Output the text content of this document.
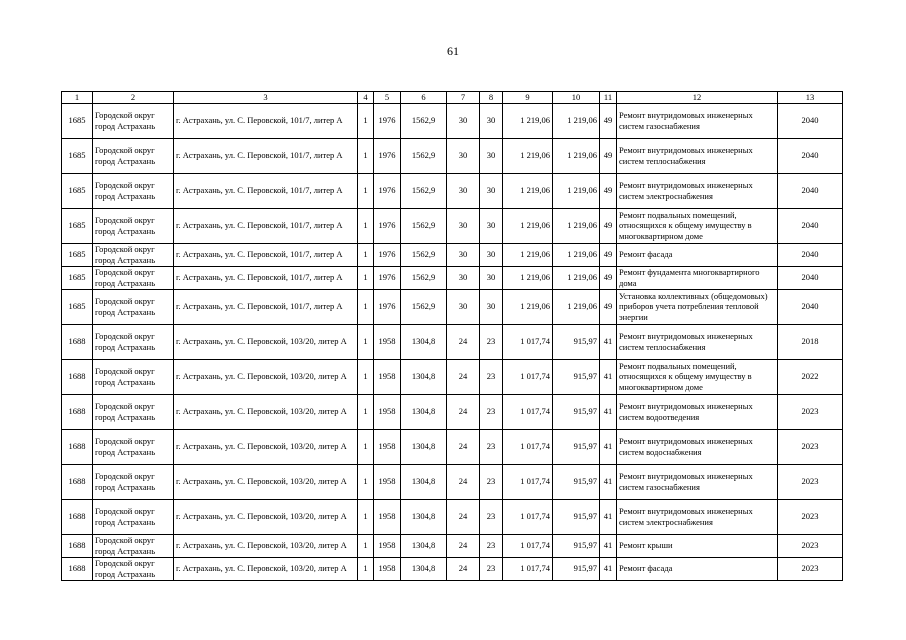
61
1	2	3	4	5	6	7	8	9	10	11	12	13
1685	Городской округ город Астрахань	г. Астрахань, ул. С. Перовской, 101/7, литер А	1	1976	1562,9	30	30	1 219,06	1 219,06	49	Ремонт внутридомовых инженерных систем газоснабжения	2040
1685	Городской округ город Астрахань	г. Астрахань, ул. С. Перовской, 101/7, литер А	1	1976	1562,9	30	30	1 219,06	1 219,06	49	Ремонт внутридомовых инженерных систем теплоснабжения	2040
1685	Городской округ город Астрахань	г. Астрахань, ул. С. Перовской, 101/7, литер А	1	1976	1562,9	30	30	1 219,06	1 219,06	49	Ремонт внутридомовых инженерных систем электроснабжения	2040
1685	Городской округ город Астрахань	г. Астрахань, ул. С. Перовской, 101/7, литер А	1	1976	1562,9	30	30	1 219,06	1 219,06	49	Ремонт подвальных помещений, относящихся к общему имуществу в многоквартирном доме	2040
1685	Городской округ город Астрахань	г. Астрахань, ул. С. Перовской, 101/7, литер А	1	1976	1562,9	30	30	1 219,06	1 219,06	49	Ремонт фасада	2040
1685	Городской округ город Астрахань	г. Астрахань, ул. С. Перовской, 101/7, литер А	1	1976	1562,9	30	30	1 219,06	1 219,06	49	Ремонт фундамента многоквартирного дома	2040
1685	Городской округ город Астрахань	г. Астрахань, ул. С. Перовской, 101/7, литер А	1	1976	1562,9	30	30	1 219,06	1 219,06	49	Установка коллективных (общедомовых) приборов учета потребления тепловой энергии	2040
1688	Городской округ город Астрахань	г. Астрахань, ул. С. Перовской, 103/20, литер А	1	1958	1304,8	24	23	1 017,74	915,97	41	Ремонт внутридомовых инженерных систем теплоснабжения	2018
1688	Городской округ город Астрахань	г. Астрахань, ул. С. Перовской, 103/20, литер А	1	1958	1304,8	24	23	1 017,74	915,97	41	Ремонт подвальных помещений, относящихся к общему имуществу в многоквартирном доме	2022
1688	Городской округ город Астрахань	г. Астрахань, ул. С. Перовской, 103/20, литер А	1	1958	1304,8	24	23	1 017,74	915,97	41	Ремонт внутридомовых инженерных систем водоотведения	2023
1688	Городской округ город Астрахань	г. Астрахань, ул. С. Перовской, 103/20, литер А	1	1958	1304,8	24	23	1 017,74	915,97	41	Ремонт внутридомовых инженерных систем водоснабжения	2023
1688	Городской округ город Астрахань	г. Астрахань, ул. С. Перовской, 103/20, литер А	1	1958	1304,8	24	23	1 017,74	915,97	41	Ремонт внутридомовых инженерных систем газоснабжения	2023
1688	Городской округ город Астрахань	г. Астрахань, ул. С. Перовской, 103/20, литер А	1	1958	1304,8	24	23	1 017,74	915,97	41	Ремонт внутридомовых инженерных систем электроснабжения	2023
1688	Городской округ город Астрахань	г. Астрахань, ул. С. Перовской, 103/20, литер А	1	1958	1304,8	24	23	1 017,74	915,97	41	Ремонт крыши	2023
1688	Городской округ город Астрахань	г. Астрахань, ул. С. Перовской, 103/20, литер А	1	1958	1304,8	24	23	1 017,74	915,97	41	Ремонт фасада	2023
